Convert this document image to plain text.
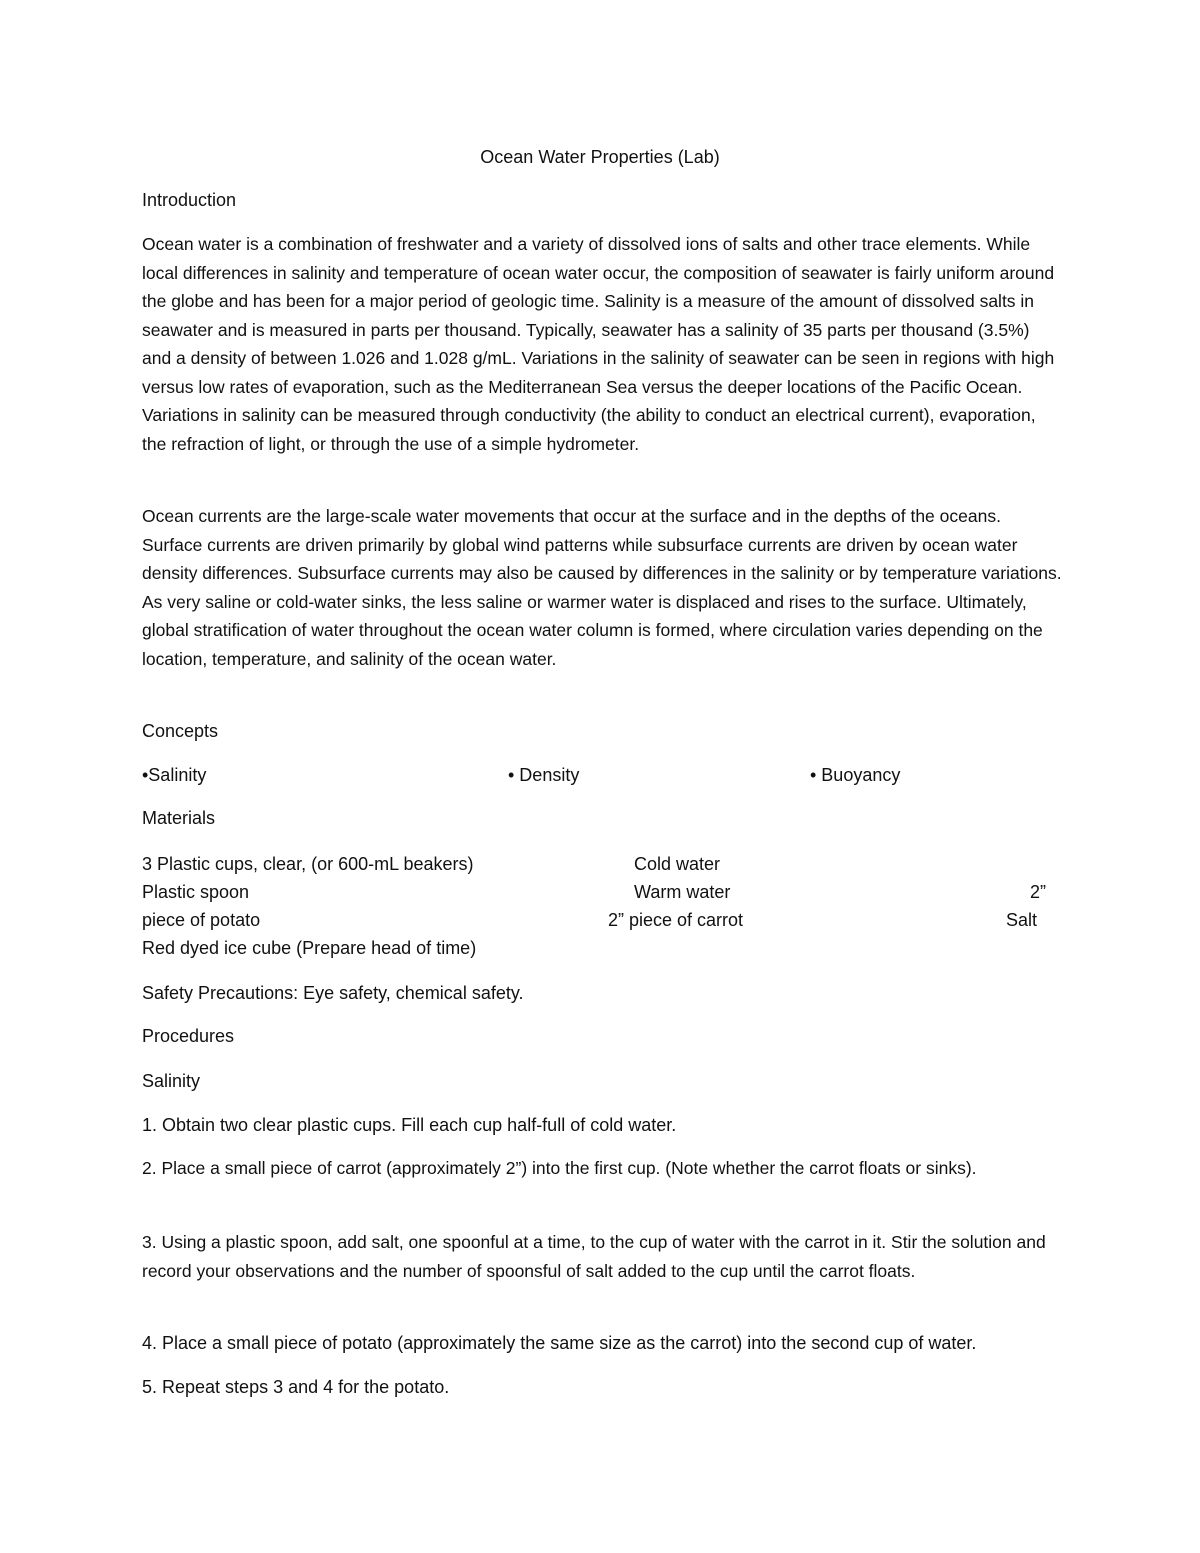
Ocean Water Properties (Lab)
Introduction

Ocean water is a combination of freshwater and a variety of dissolved ions of salts and other trace elements. While local differences in salinity and temperature of ocean water occur, the composition of seawater is fairly uniform around the globe and has been for a major period of geologic time. Salinity is a measure of the amount of dissolved salts in seawater and is measured in parts per thousand. Typically, seawater has a salinity of 35 parts per thousand (3.5%) and a density of between 1.026 and 1.028 g/mL. Variations in the salinity of seawater can be seen in regions with high versus low rates of evaporation, such as the Mediterranean Sea versus the deeper locations of the Pacific Ocean. Variations in salinity can be measured through conductivity (the ability to conduct an electrical current), evaporation, the refraction of light, or through the use of a simple hydrometer.

Ocean currents are the large-scale water movements that occur at the surface and in the depths of the oceans. Surface currents are driven primarily by global wind patterns while subsurface currents are driven by ocean water density differences. Subsurface currents may also be caused by differences in the salinity or by temperature variations. As very saline or cold-water sinks, the less saline or warmer water is displaced and rises to the surface. Ultimately, global stratification of water throughout the ocean water column is formed, where circulation varies depending on the location, temperature, and salinity of the ocean water.

Concepts
•Salinity	• Density	• Buoyancy
Materials
3 Plastic cups, clear, (or 600-mL beakers)	Cold water
Plastic spoon	Warm water	2”
piece of potato	2” piece of carrot	Salt
Red dyed ice cube (Prepare head of time)
Safety Precautions: Eye safety, chemical safety.
Procedures
Salinity
1. Obtain two clear plastic cups. Fill each cup half-full of cold water.

2. Place a small piece of carrot (approximately 2”) into the first cup. (Note whether the carrot floats or sinks).

3. Using a plastic spoon, add salt, one spoonful at a time, to the cup of water with the carrot in it. Stir the solution and record your observations and the number of spoonsful of salt added to the cup until the carrot floats.

4. Place a small piece of potato (approximately the same size as the carrot) into the second cup of water.
5. Repeat steps 3 and 4 for the potato.
